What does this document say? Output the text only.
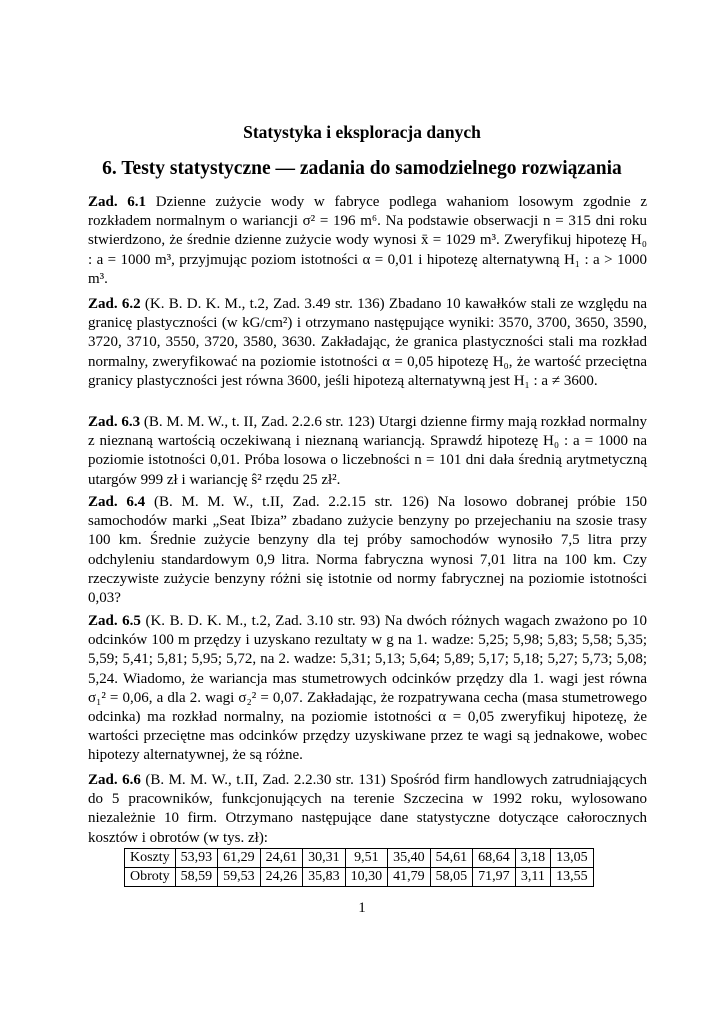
Statystyka i eksploracja danych
6. Testy statystyczne — zadania do samodzielnego rozwiązania
Zad. 6.1 Dzienne zużycie wody w fabryce podlega wahaniom losowym zgodnie z rozkładem normalnym o wariancji σ² = 196 m⁶. Na podstawie obserwacji n = 315 dni roku stwierdzono, że średnie dzienne zużycie wody wynosi x̄ = 1029 m³. Zweryfikuj hipotezę H₀ : a = 1000 m³, przyjmując poziom istotności α = 0,01 i hipotezę alternatywną H₁ : a > 1000 m³.
Zad. 6.2 (K. B. D. K. M., t.2, Zad. 3.49 str. 136) Zbadano 10 kawałków stali ze względu na granicę plastyczności (w kG/cm²) i otrzymano następujące wyniki: 3570, 3700, 3650, 3590, 3720, 3710, 3550, 3720, 3580, 3630. Zakładając, że granica plastyczności stali ma rozkład normalny, zweryfikować na poziomie istotności α = 0,05 hipotezę H₀, że wartość przeciętna granicy plastyczności jest równa 3600, jeśli hipotezą alternatywną jest H₁ : a ≠ 3600.
Zad. 6.3 (B. M. M. W., t. II, Zad. 2.2.6 str. 123) Utargi dzienne firmy mają rozkład normalny z nieznaną wartością oczekiwaną i nieznaną wariancją. Sprawdź hipotezę H₀ : a = 1000 na poziomie istotności 0,01. Próba losowa o liczebności n = 101 dni dała średnią arytmetyczną utargów 999 zł i wariancję ŝ² rzędu 25 zł².
Zad. 6.4 (B. M. M. W., t.II, Zad. 2.2.15 str. 126) Na losowo dobranej próbie 150 samochodów marki „Seat Ibiza” zbadano zużycie benzyny po przejechaniu na szosie trasy 100 km. Średnie zużycie benzyny dla tej próby samochodów wynosiło 7,5 litra przy odchyleniu standardowym 0,9 litra. Norma fabryczna wynosi 7,01 litra na 100 km. Czy rzeczywiste zużycie benzyny różni się istotnie od normy fabrycznej na poziomie istotności 0,03?
Zad. 6.5 (K. B. D. K. M., t.2, Zad. 3.10 str. 93) Na dwóch różnych wagach zważono po 10 odcinków 100 m przędzy i uzyskano rezultaty w g na 1. wadze: 5,25; 5,98; 5,83; 5,58; 5,35; 5,59; 5,41; 5,81; 5,95; 5,72, na 2. wadze: 5,31; 5,13; 5,64; 5,89; 5,17; 5,18; 5,27; 5,73; 5,08; 5,24. Wiadomo, że wariancja mas stumetrowych odcinków przędzy dla 1. wagi jest równa σ₁² = 0,06, a dla 2. wagi σ₂² = 0,07. Zakładając, że rozpatrywana cecha (masa stumetrowego odcinka) ma rozkład normalny, na poziomie istotności α = 0,05 zweryfikuj hipotezę, że wartości przeciętne mas odcinków przędzy uzyskiwane przez te wagi są jednakowe, wobec hipotezy alternatywnej, że są różne.
Zad. 6.6 (B. M. M. W., t.II, Zad. 2.2.30 str. 131) Spośród firm handlowych zatrudniających do 5 pracowników, funkcjonujących na terenie Szczecina w 1992 roku, wylosowano niezależnie 10 firm. Otrzymano następujące dane statystyczne dotyczące całorocznych kosztów i obrotów (w tys. zł):
Koszty	53,93	61,29	24,61	30,31	9,51	35,40	54,61	68,64	3,18	13,05
Obroty	58,59	59,53	24,26	35,83	10,30	41,79	58,05	71,97	3,11	13,55
1
